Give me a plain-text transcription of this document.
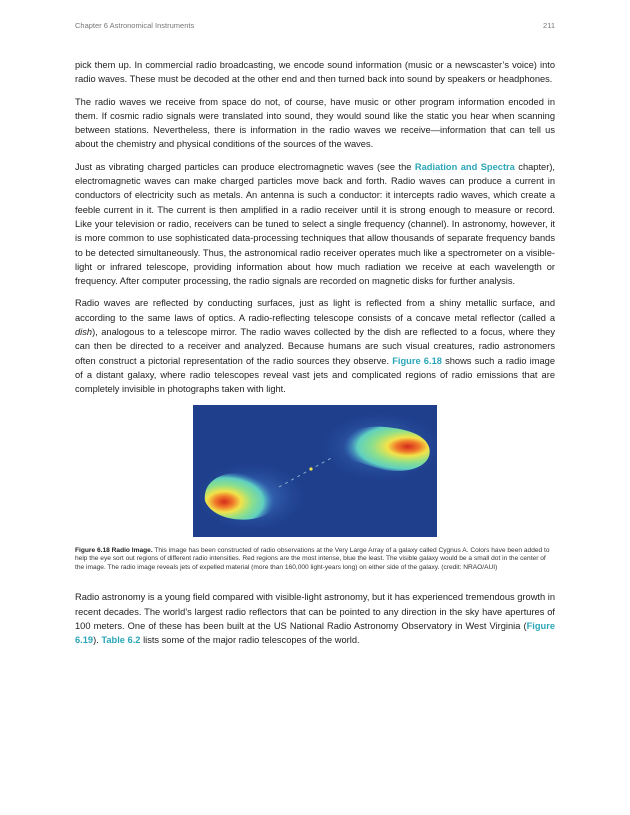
Chapter 6 Astronomical Instruments	211

pick them up. In commercial radio broadcasting, we encode sound information (music or a newscaster’s voice) into radio waves. These must be decoded at the other end and then turned back into sound by speakers or headphones.

The radio waves we receive from space do not, of course, have music or other program information encoded in them. If cosmic radio signals were translated into sound, they would sound like the static you hear when scanning between stations. Nevertheless, there is information in the radio waves we receive—information that can tell us about the chemistry and physical conditions of the sources of the waves.

Just as vibrating charged particles can produce electromagnetic waves (see the Radiation and Spectra chapter), electromagnetic waves can make charged particles move back and forth. Radio waves can produce a current in conductors of electricity such as metals. An antenna is such a conductor: it intercepts radio waves, which create a feeble current in it. The current is then amplified in a radio receiver until it is strong enough to measure or record. Like your television or radio, receivers can be tuned to select a single frequency (channel). In astronomy, however, it is more common to use sophisticated data-processing techniques that allow thousands of separate frequency bands to be detected simultaneously. Thus, the astronomical radio receiver operates much like a spectrometer on a visible-light or infrared telescope, providing information about how much radiation we receive at each wavelength or frequency. After computer processing, the radio signals are recorded on magnetic disks for further analysis.

Radio waves are reflected by conducting surfaces, just as light is reflected from a shiny metallic surface, and according to the same laws of optics. A radio-reflecting telescope consists of a concave metal reflector (called a dish), analogous to a telescope mirror. The radio waves collected by the dish are reflected to a focus, where they can then be directed to a receiver and analyzed. Because humans are such visual creatures, radio astronomers often construct a pictorial representation of the radio sources they observe. Figure 6.18 shows such a radio image of a distant galaxy, where radio telescopes reveal vast jets and complicated regions of radio emissions that are completely invisible in photographs taken with light.

Figure 6.18 Radio Image. This image has been constructed of radio observations at the Very Large Array of a galaxy called Cygnus A. Colors have been added to help the eye sort out regions of different radio intensities. Red regions are the most intense, blue the least. The visible galaxy would be a small dot in the center of the image. The radio image reveals jets of expelled material (more than 160,000 light-years long) on either side of the galaxy. (credit: NRAO/AUI)

Radio astronomy is a young field compared with visible-light astronomy, but it has experienced tremendous growth in recent decades. The world’s largest radio reflectors that can be pointed to any direction in the sky have apertures of 100 meters. One of these has been built at the US National Radio Astronomy Observatory in West Virginia (Figure 6.19). Table 6.2 lists some of the major radio telescopes of the world.
